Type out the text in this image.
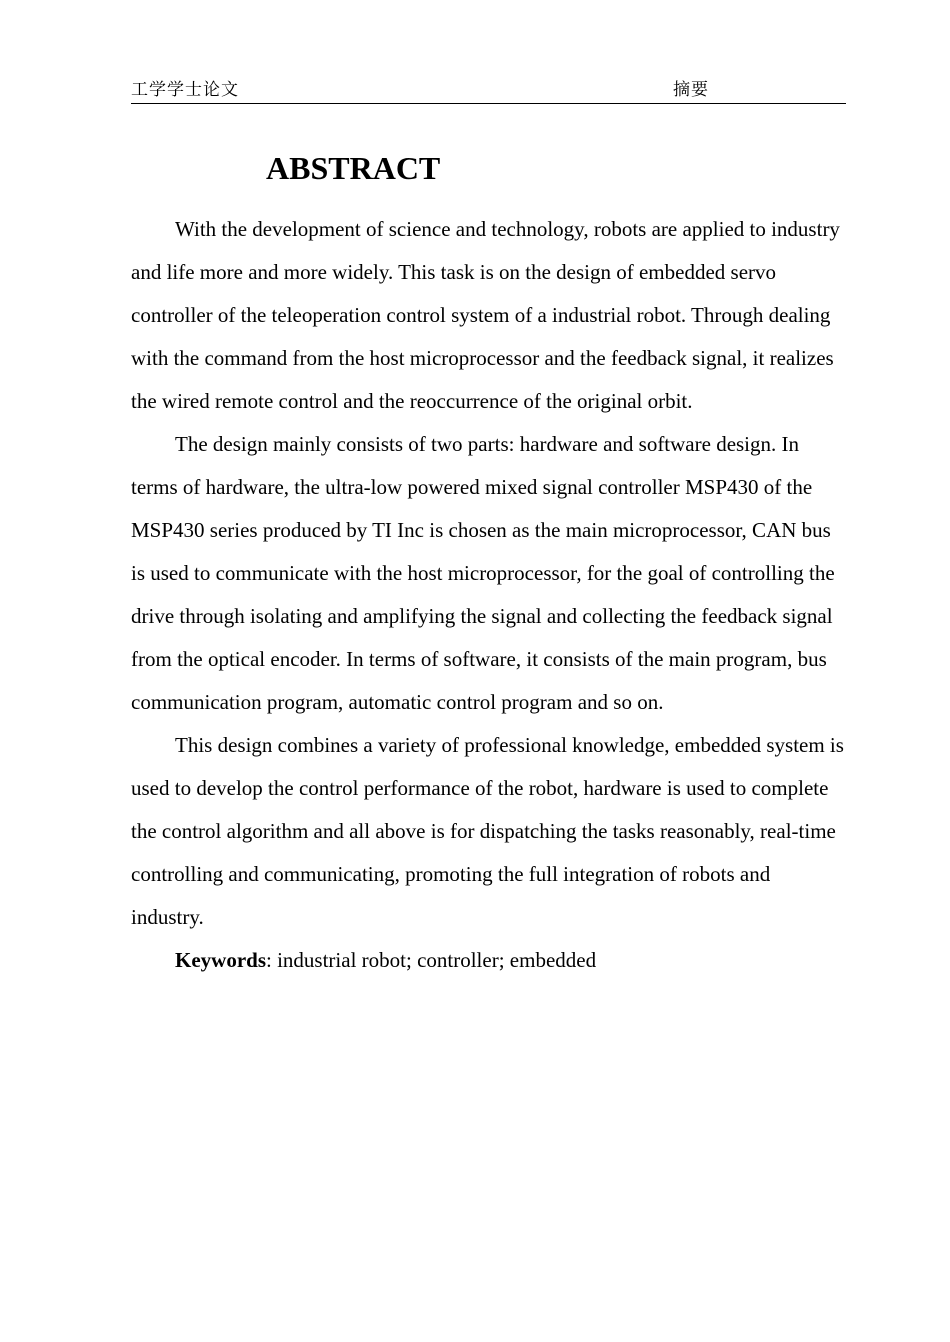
工学学士论文	摘要
ABSTRACT

With the development of science and technology, robots are applied to industry and life more and more widely. This task is on the design of embedded servo controller of the teleoperation control system of a industrial robot. Through dealing with the command from the host microprocessor and the feedback signal, it realizes the wired remote control and the reoccurrence of the original orbit.

The design mainly consists of two parts: hardware and software design. In terms of hardware, the ultra-low powered mixed signal controller MSP430 of the MSP430 series produced by TI Inc is chosen as the main microprocessor, CAN bus is used to communicate with the host microprocessor, for the goal of controlling the drive through isolating and amplifying the signal and collecting the feedback signal from the optical encoder. In terms of software, it consists of the main program, bus communication program, automatic control program and so on.

This design combines a variety of professional knowledge, embedded system is used to develop the control performance of the robot, hardware is used to complete the control algorithm and all above is for dispatching the tasks reasonably, real-time controlling and communicating, promoting the full integration of robots and industry.

Keywords: industrial robot; controller; embedded
